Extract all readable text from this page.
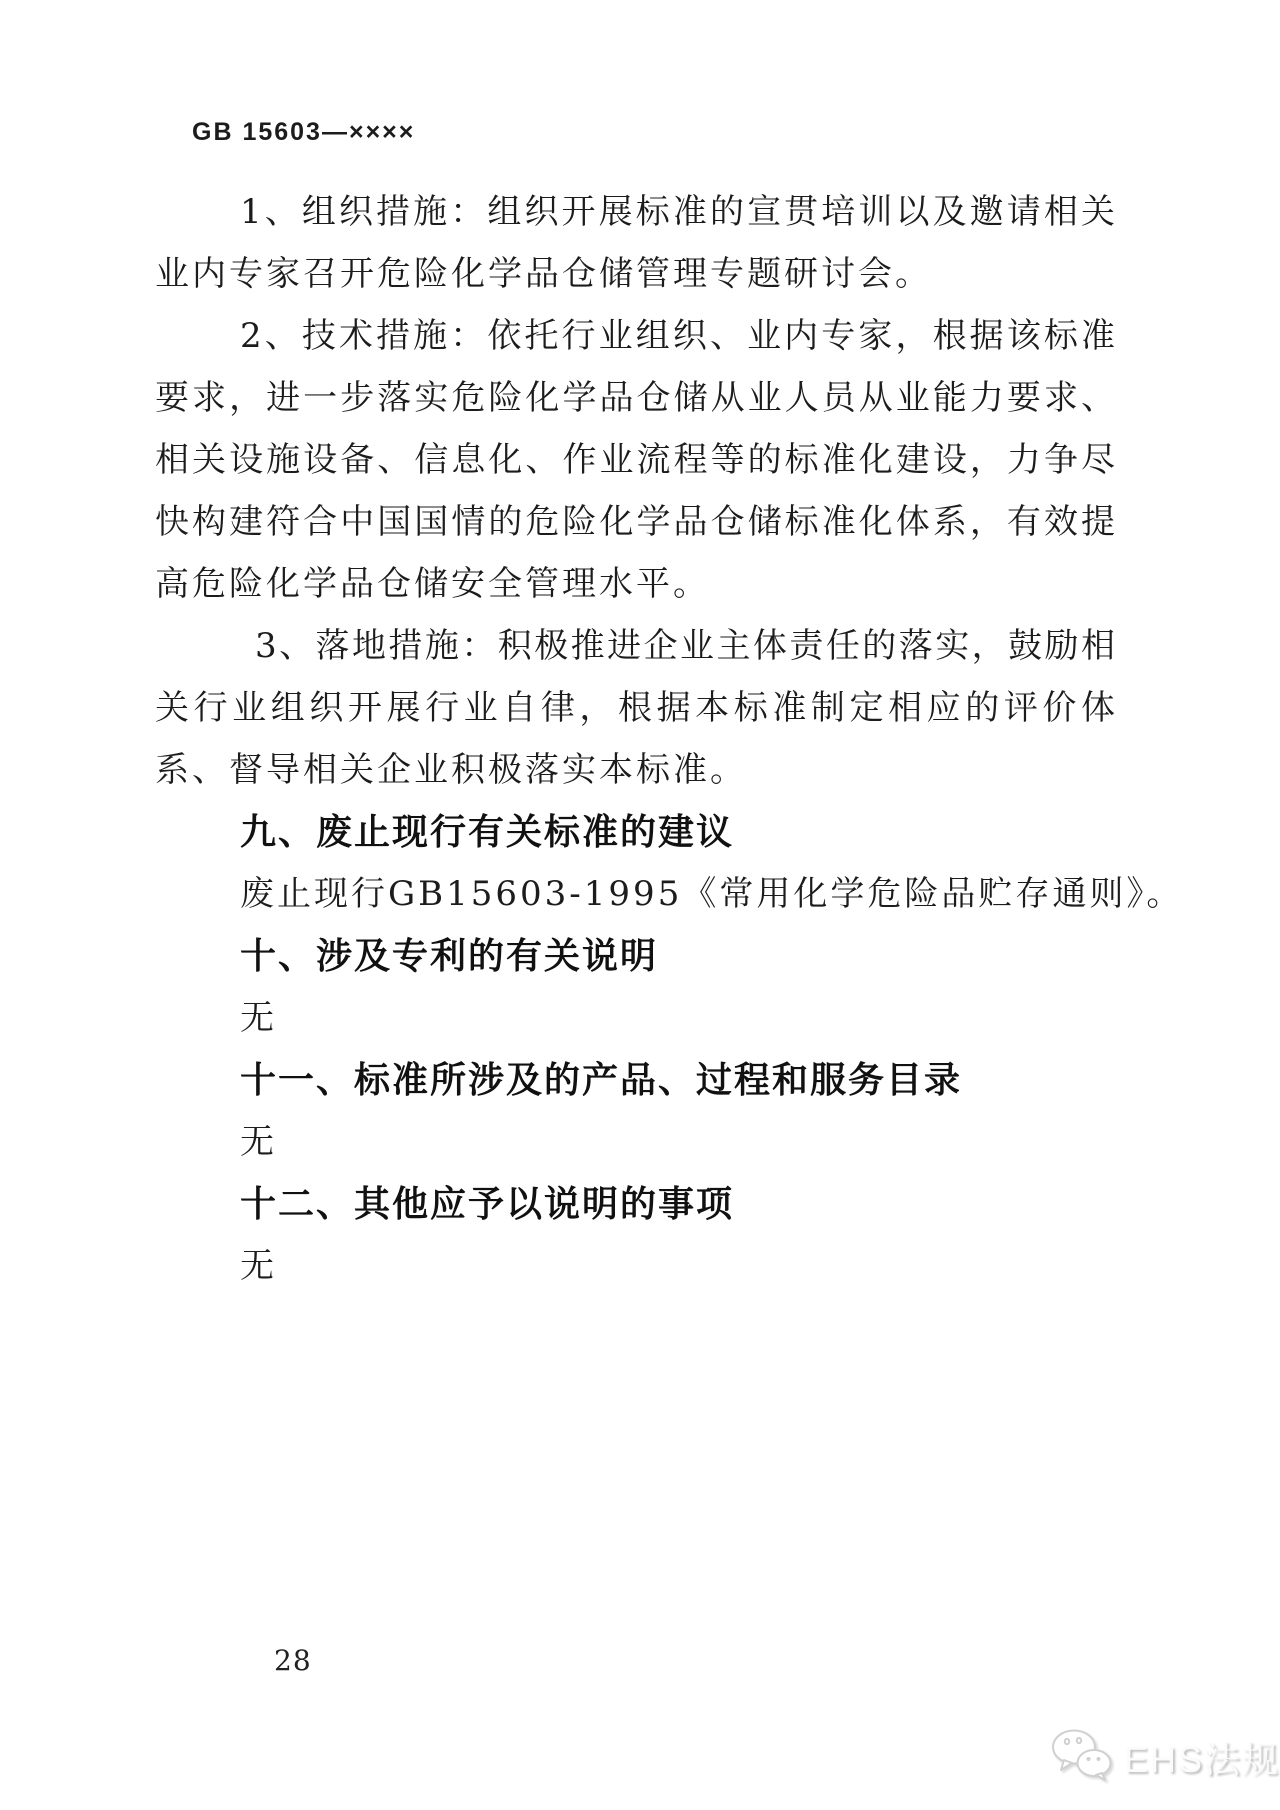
GB 15603—××××
1、组织措施：组织开展标准的宣贯培训以及邀请相关
业内专家召开危险化学品仓储管理专题研讨会。
2、技术措施：依托行业组织、业内专家，根据该标准
要求，进一步落实危险化学品仓储从业人员从业能力要求、
相关设施设备、信息化、作业流程等的标准化建设，力争尽
快构建符合中国国情的危险化学品仓储标准化体系，有效提
高危险化学品仓储安全管理水平。
3、落地措施：积极推进企业主体责任的落实，鼓励相
关行业组织开展行业自律，根据本标准制定相应的评价体
系、督导相关企业积极落实本标准。
九、废止现行有关标准的建议
废止现行GB15603-1995《常用化学危险品贮存通则》。
十、涉及专利的有关说明
无
十一、标准所涉及的产品、过程和服务目录
无
十二、其他应予以说明的事项
无
28
EHS法规
